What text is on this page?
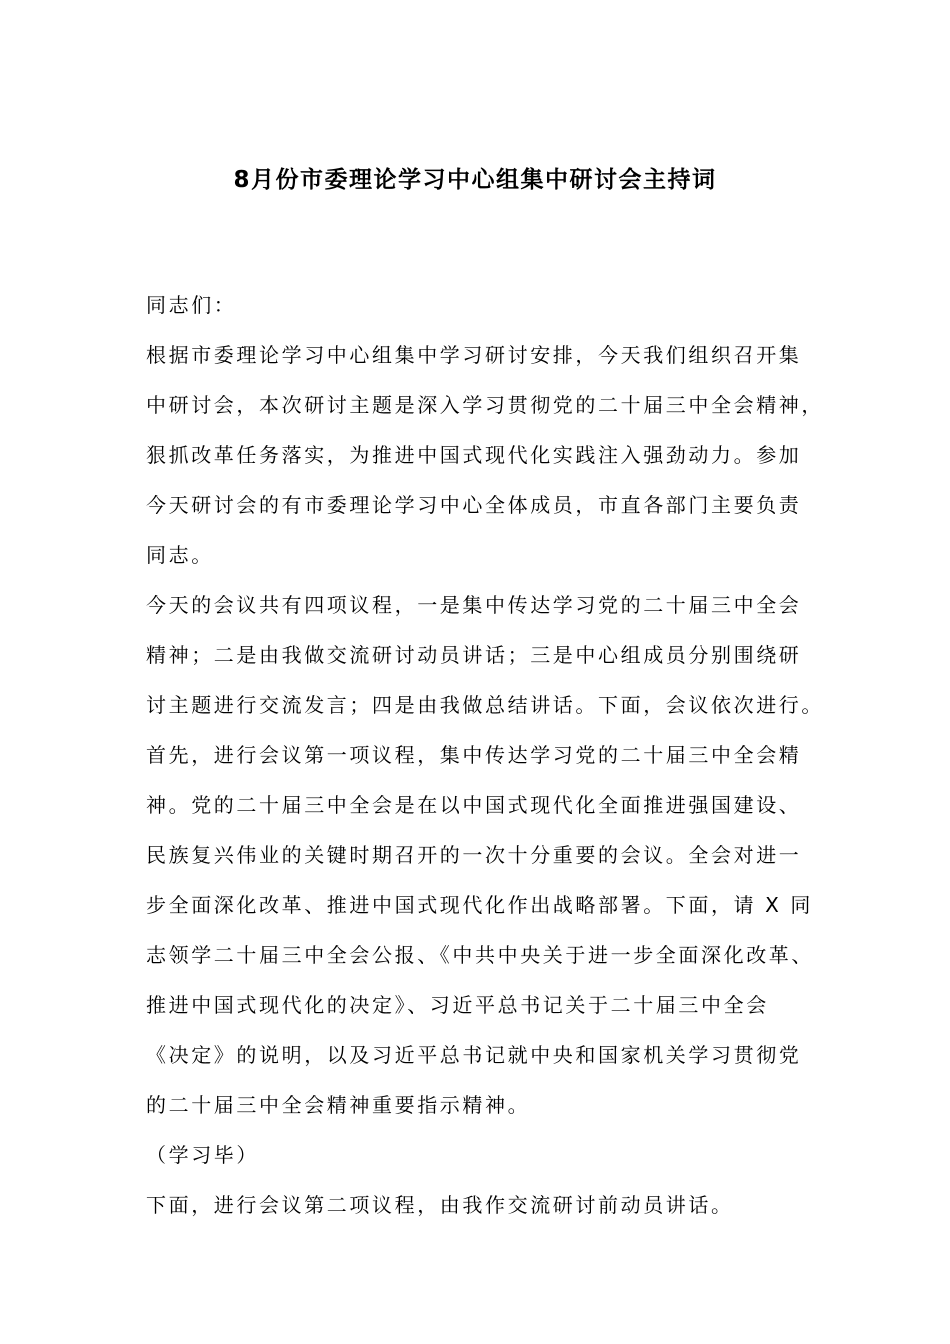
8月份市委理论学习中心组集中研讨会主持词
同志们：
根据市委理论学习中心组集中学习研讨安排，今天我们组织召开集
中研讨会，本次研讨主题是深入学习贯彻党的二十届三中全会精神，
狠抓改革任务落实，为推进中国式现代化实践注入强劲动力。参加
今天研讨会的有市委理论学习中心全体成员，市直各部门主要负责
同志。
今天的会议共有四项议程，一是集中传达学习党的二十届三中全会
精神；二是由我做交流研讨动员讲话；三是中心组成员分别围绕研
讨主题进行交流发言；四是由我做总结讲话。下面，会议依次进行。
首先，进行会议第一项议程，集中传达学习党的二十届三中全会精
神。党的二十届三中全会是在以中国式现代化全面推进强国建设、
民族复兴伟业的关键时期召开的一次十分重要的会议。全会对进一
步全面深化改革、推进中国式现代化作出战略部署。下面，请 X 同
志领学二十届三中全会公报、《中共中央关于进一步全面深化改革、
推进中国式现代化的决定》、习近平总书记关于二十届三中全会
《决定》的说明，以及习近平总书记就中央和国家机关学习贯彻党
的二十届三中全会精神重要指示精神。
（学习毕）
下面，进行会议第二项议程，由我作交流研讨前动员讲话。
